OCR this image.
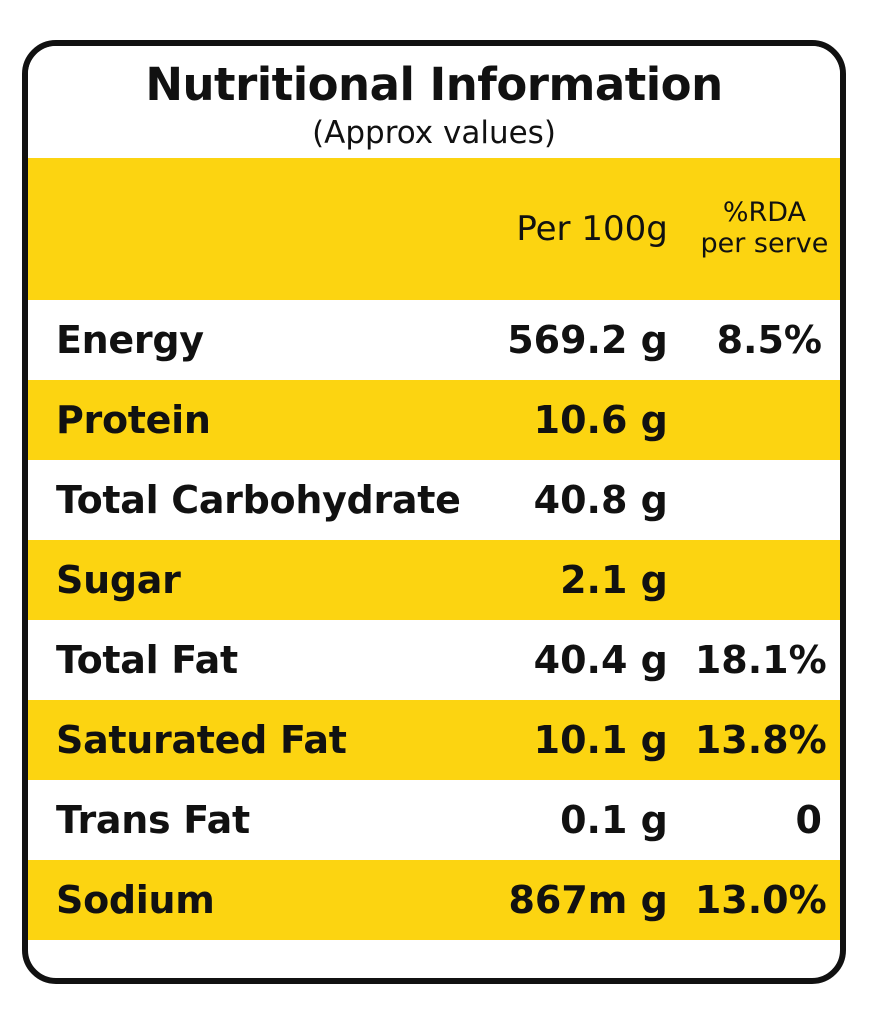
Nutritional Information
(Approx values)
	Per 100g	%RDA
per serve

Energy	569.2 g	8.5%
Protein	10.6 g	
Total Carbohydrate	40.8 g	
Sugar	2.1 g	
Total Fat	40.4 g	18.1%
Saturated Fat	10.1 g	13.8%
Trans Fat	0.1 g	0
Sodium	867m g	13.0%
